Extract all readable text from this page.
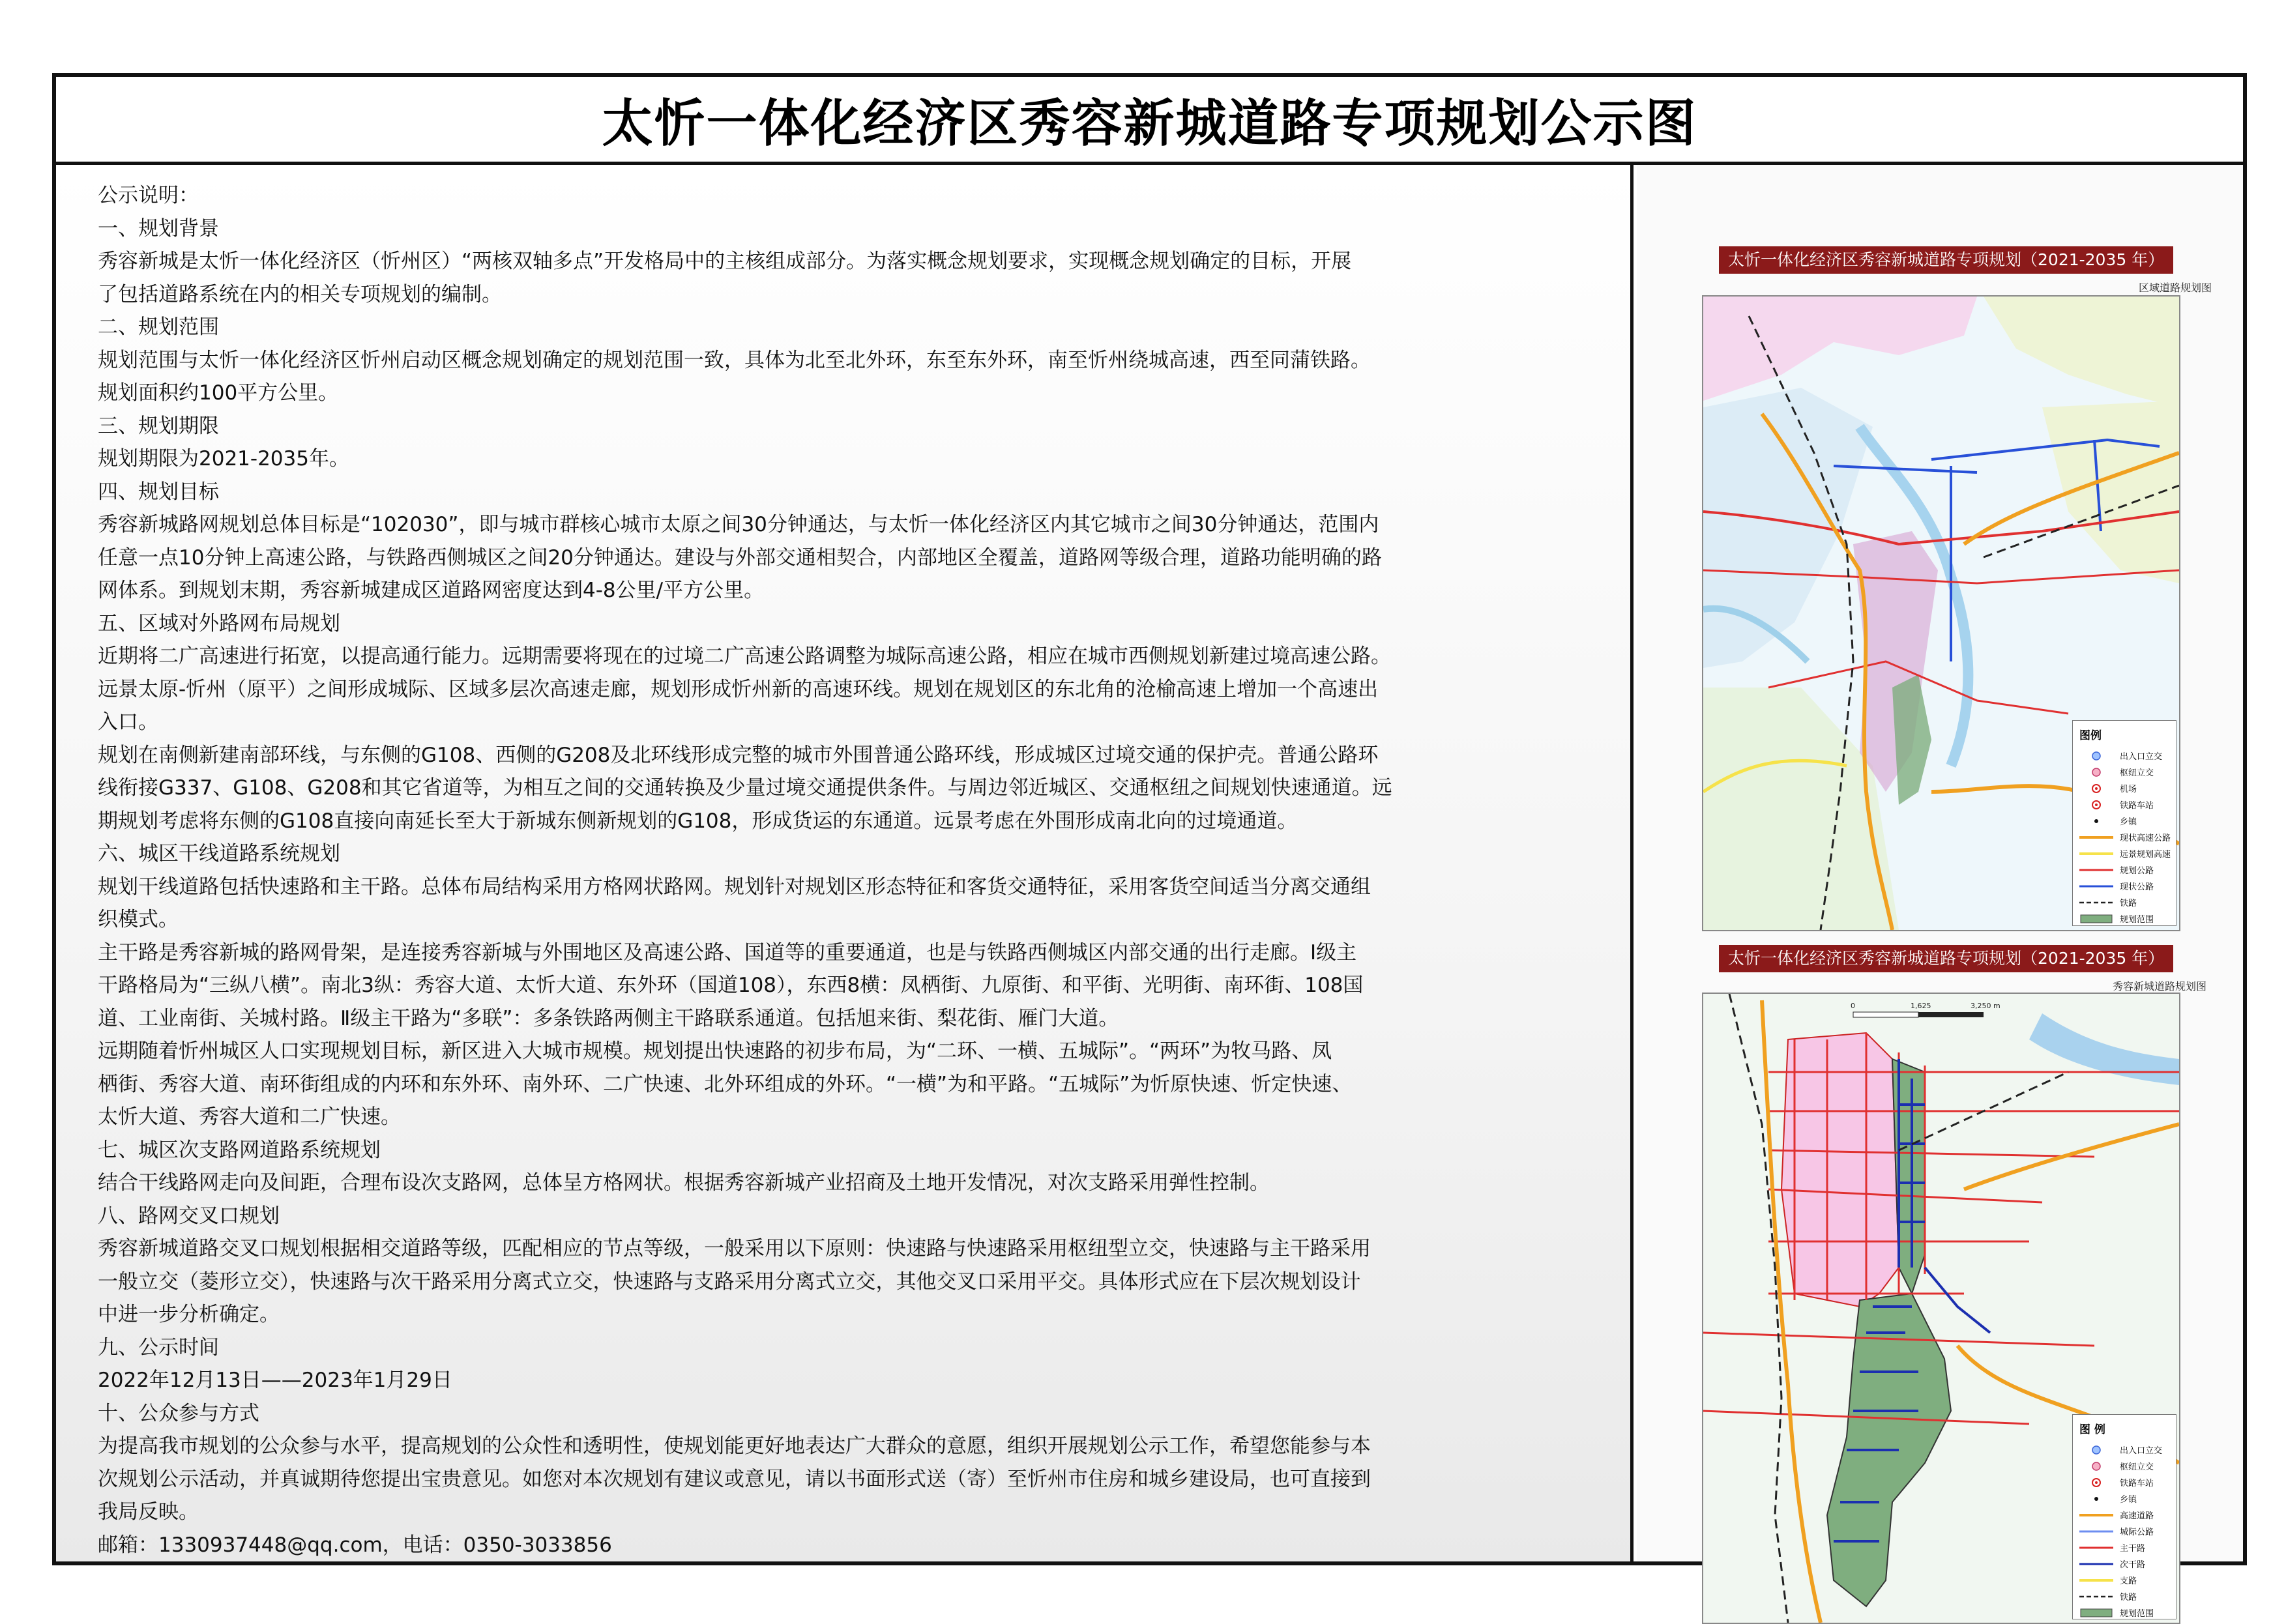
太忻一体化经济区秀容新城道路专项规划公示图
公示说明：
一、规划背景
秀容新城是太忻一体化经济区（忻州区）“两核双轴多点”开发格局中的主核组成部分。为落实概念规划要求，实现概念规划确定的目标，开展
了包括道路系统在内的相关专项规划的编制。
二、规划范围
规划范围与太忻一体化经济区忻州启动区概念规划确定的规划范围一致，具体为北至北外环，东至东外环，南至忻州绕城高速，西至同蒲铁路。
规划面积约100平方公里。
三、规划期限
规划期限为2021-2035年。
四、规划目标
秀容新城路网规划总体目标是“102030”，即与城市群核心城市太原之间30分钟通达，与太忻一体化经济区内其它城市之间30分钟通达，范围内
任意一点10分钟上高速公路，与铁路西侧城区之间20分钟通达。建设与外部交通相契合，内部地区全覆盖，道路网等级合理，道路功能明确的路
网体系。到规划末期，秀容新城建成区道路网密度达到4-8公里/平方公里。
五、区域对外路网布局规划
近期将二广高速进行拓宽，以提高通行能力。远期需要将现在的过境二广高速公路调整为城际高速公路，相应在城市西侧规划新建过境高速公路。
远景太原-忻州（原平）之间形成城际、区域多层次高速走廊，规划形成忻州新的高速环线。规划在规划区的东北角的沧榆高速上增加一个高速出
入口。
规划在南侧新建南部环线，与东侧的G108、西侧的G208及北环线形成完整的城市外围普通公路环线，形成城区过境交通的保护壳。普通公路环
线衔接G337、G108、G208和其它省道等，为相互之间的交通转换及少量过境交通提供条件。与周边邻近城区、交通枢纽之间规划快速通道。远
期规划考虑将东侧的G108直接向南延长至大于新城东侧新规划的G108，形成货运的东通道。远景考虑在外围形成南北向的过境通道。
六、城区干线道路系统规划
规划干线道路包括快速路和主干路。总体布局结构采用方格网状路网。规划针对规划区形态特征和客货交通特征，采用客货空间适当分离交通组
织模式。
主干路是秀容新城的路网骨架，是连接秀容新城与外围地区及高速公路、国道等的重要通道，也是与铁路西侧城区内部交通的出行走廊。Ⅰ级主
干路格局为“三纵八横”。南北3纵：秀容大道、太忻大道、东外环（国道108），东西8横：凤栖街、九原街、和平街、光明街、南环街、108国
道、工业南街、关城村路。Ⅱ级主干路为“多联”：多条铁路两侧主干路联系通道。包括旭来街、梨花街、雁门大道。
远期随着忻州城区人口实现规划目标，新区进入大城市规模。规划提出快速路的初步布局，为“二环、一横、五城际”。“两环”为牧马路、凤
栖街、秀容大道、南环街组成的内环和东外环、南外环、二广快速、北外环组成的外环。“一横”为和平路。“五城际”为忻原快速、忻定快速、
太忻大道、秀容大道和二广快速。
七、城区次支路网道路系统规划
结合干线路网走向及间距，合理布设次支路网，总体呈方格网状。根据秀容新城产业招商及土地开发情况，对次支路采用弹性控制。
八、路网交叉口规划
秀容新城道路交叉口规划根据相交道路等级，匹配相应的节点等级，一般采用以下原则：快速路与快速路采用枢纽型立交，快速路与主干路采用
一般立交（菱形立交），快速路与次干路采用分离式立交，快速路与支路采用分离式立交，其他交叉口采用平交。具体形式应在下层次规划设计
中进一步分析确定。
九、公示时间
2022年12月13日——2023年1月29日
十、公众参与方式
为提高我市规划的公众参与水平，提高规划的公众性和透明性，使规划能更好地表达广大群众的意愿，组织开展规划公示工作，希望您能参与本
次规划公示活动，并真诚期待您提出宝贵意见。如您对本次规划有建议或意见，请以书面形式送（寄）至忻州市住房和城乡建设局，也可直接到
我局反映。
邮箱：1330937448@qq.com，电话：0350-3033856
太忻一体化经济区秀容新城道路专项规划（2021-2035 年）
区域道路规划图
图例
出入口立交
枢纽立交
机场
铁路车站
乡镇
现状高速公路
远景规划高速
规划公路
现状公路
铁路
规划范围
太忻一体化经济区秀容新城道路专项规划（2021-2035 年）
秀容新城道路规划图
0	1,625	3,250 m
图 例
出入口立交
枢纽立交
铁路车站
乡镇
高速道路
城际公路
主干路
次干路
支路
铁路
规划范围
